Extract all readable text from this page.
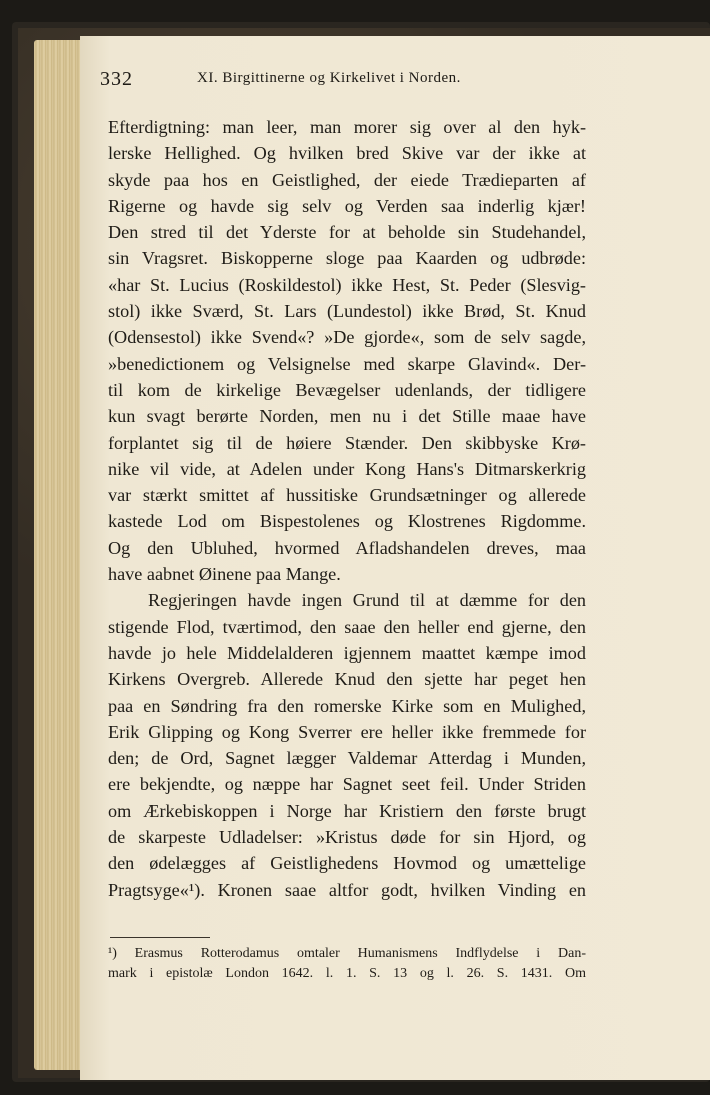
332	XI. Birgittinerne og Kirkelivet i Norden.
Efterdigtning: man leer, man morer sig over al den hyk-
lerske Hellighed. Og hvilken bred Skive var der ikke at
skyde paa hos en Geistlighed, der eiede Trædieparten af
Rigerne og havde sig selv og Verden saa inderlig kjær!
Den stred til det Yderste for at beholde sin Studehandel,
sin Vragsret. Biskopperne sloge paa Kaarden og udbrøde:
«har St. Lucius (Roskildestol) ikke Hest, St. Peder (Slesvig-
stol) ikke Sværd, St. Lars (Lundestol) ikke Brød, St. Knud
(Odensestol) ikke Svend«? »De gjorde«, som de selv sagde,
»benedictionem og Velsignelse med skarpe Glavind«. Der-
til kom de kirkelige Bevægelser udenlands, der tidligere
kun svagt berørte Norden, men nu i det Stille maae have
forplantet sig til de høiere Stænder. Den skibbyske Krø-
nike vil vide, at Adelen under Kong Hans's Ditmarskerkrig
var stærkt smittet af hussitiske Grundsætninger og allerede
kastede Lod om Bispestolenes og Klostrenes Rigdomme.
Og den Ubluhed, hvormed Afladshandelen dreves, maa
have aabnet Øinene paa Mange.
Regjeringen havde ingen Grund til at dæmme for den
stigende Flod, tværtimod, den saae den heller end gjerne, den
havde jo hele Middelalderen igjennem maattet kæmpe imod
Kirkens Overgreb. Allerede Knud den sjette har peget hen
paa en Søndring fra den romerske Kirke som en Mulighed,
Erik Glipping og Kong Sverrer ere heller ikke fremmede for
den; de Ord, Sagnet lægger Valdemar Atterdag i Munden,
ere bekjendte, og næppe har Sagnet seet feil. Under Striden
om Ærkebiskoppen i Norge har Kristiern den første brugt
de skarpeste Udladelser: »Kristus døde for sin Hjord, og
den ødelægges af Geistlighedens Hovmod og umættelige
Pragtsyge«¹). Kronen saae altfor godt, hvilken Vinding en
¹) Erasmus Rotterodamus omtaler Humanismens Indflydelse i Dan-
mark i epistolæ London 1642. l. 1. S. 13 og l. 26. S. 1431. Om
